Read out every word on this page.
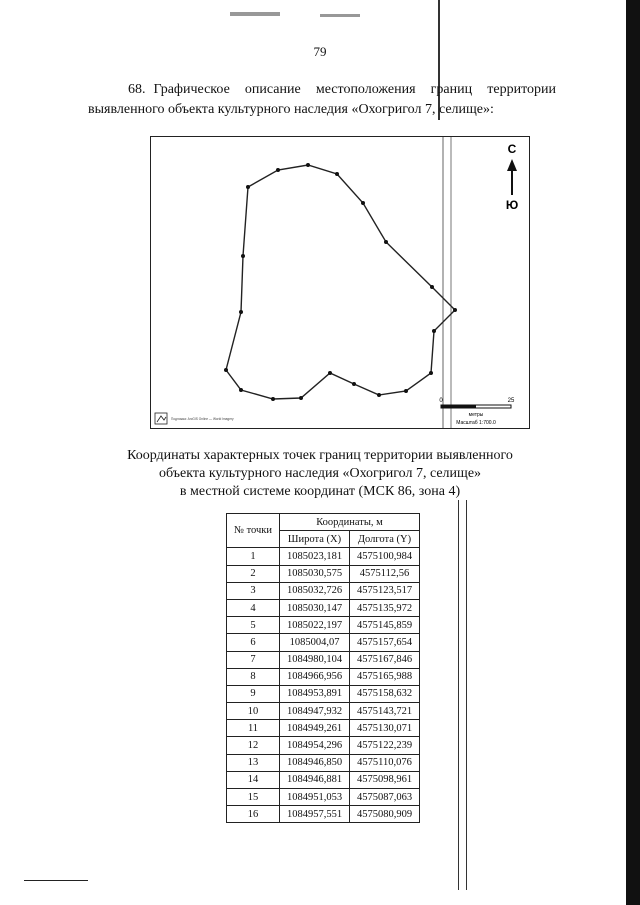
79

68. Графическое описание местоположения границ территории выявленного объекта культурного наследия «Охогригол 7, селище»:

С
Ю
0	25
метры
Масштаб 1:700.0
Подложка: ArcGIS Online — World Imagery
Координаты характерных точек границ территории выявленного
объекта культурного наследия «Охогригол 7, селище»
в местной системе координат (МСК 86, зона 4)
№ точки	Координаты, м	
	Широта (X)	Долгота (Y)
1	1085023,181	4575100,984
2	1085030,575	4575112,56
3	1085032,726	4575123,517
4	1085030,147	4575135,972
5	1085022,197	4575145,859
6	1085004,07	4575157,654
7	1084980,104	4575167,846
8	1084966,956	4575165,988
9	1084953,891	4575158,632
10	1084947,932	4575143,721
11	1084949,261	4575130,071
12	1084954,296	4575122,239
13	1084946,850	4575110,076
14	1084946,881	4575098,961
15	1084951,053	4575087,063
16	1084957,551	4575080,909
